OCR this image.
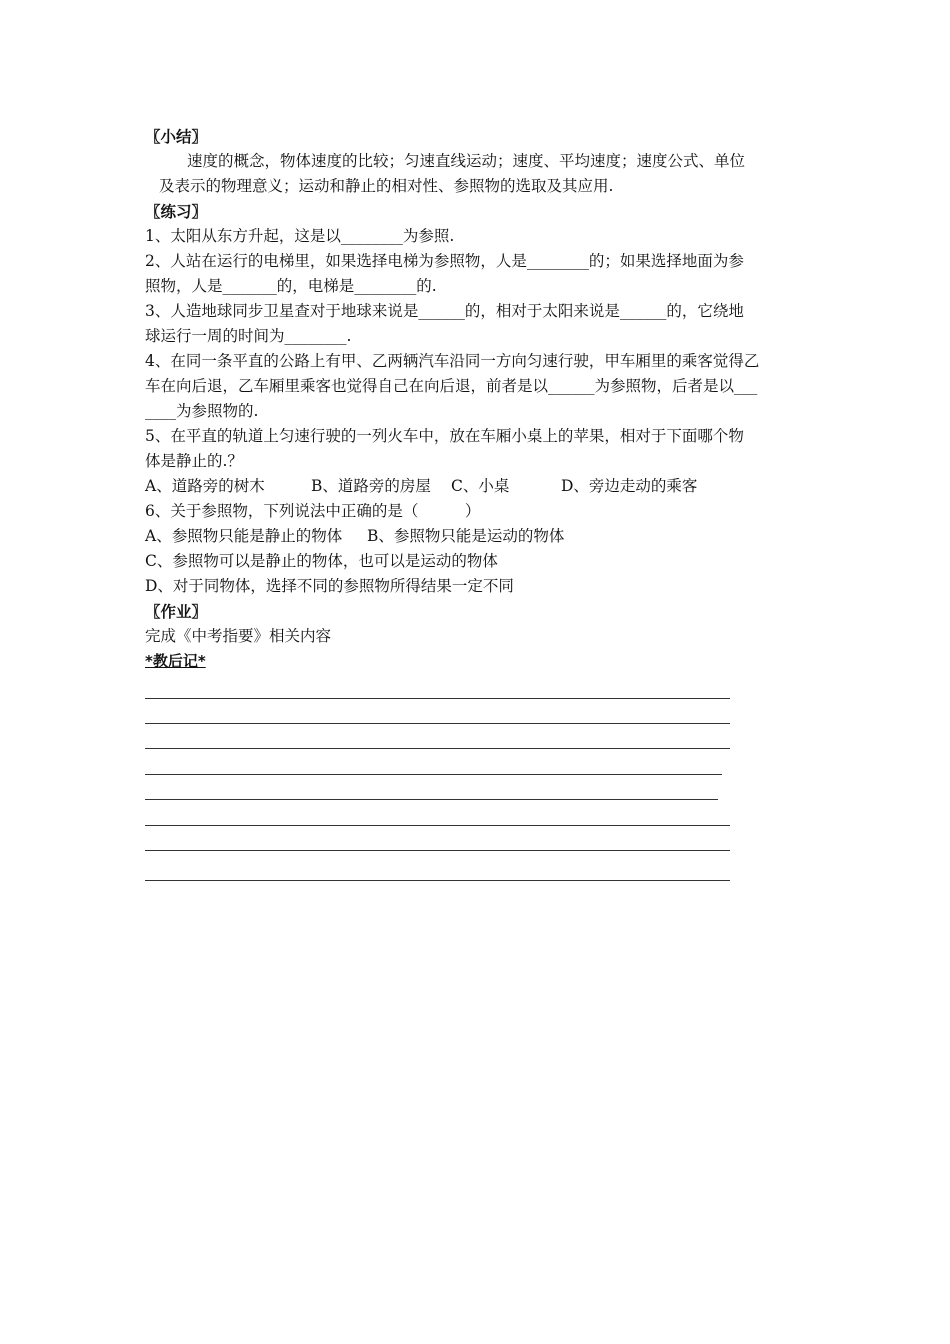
〖小结〗
速度的概念，物体速度的比较；匀速直线运动；速度、平均速度；速度公式、单位
及表示的物理意义；运动和静止的相对性、参照物的选取及其应用.
〖练习〗
1、太阳从东方升起，这是以________为参照.
2、人站在运行的电梯里，如果选择电梯为参照物，人是________的；如果选择地面为参
照物，人是_______的，电梯是________的.
3、人造地球同步卫星查对于地球来说是______的，相对于太阳来说是______的，它绕地
球运行一周的时间为________.
4、在同一条平直的公路上有甲、乙两辆汽车沿同一方向匀速行驶，甲车厢里的乘客觉得乙
车在向后退，乙车厢里乘客也觉得自己在向后退，前者是以______为参照物，后者是以___
____为参照物的.
5、在平直的轨道上匀速行驶的一列火车中，放在车厢小桌上的苹果，相对于下面哪个物
体是静止的.？
A、道路旁的树木	B、道路旁的房屋 C、小桌	D、旁边走动的乘客
6、关于参照物，下列说法中正确的是（　　　）
A、参照物只能是静止的物体 B、参照物只能是运动的物体
C、参照物可以是静止的物体，也可以是运动的物体
D、对于同物体，选择不同的参照物所得结果一定不同
〖作业〗
完成《中考指要》相关内容
*教后记*
